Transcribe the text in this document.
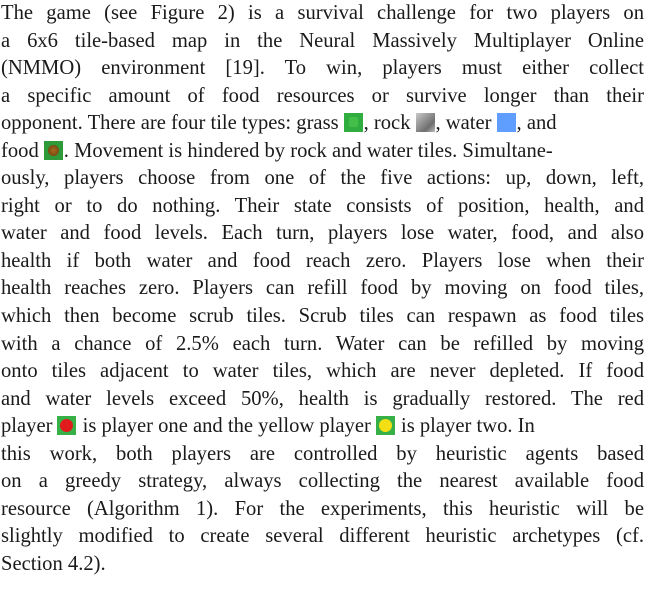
The game (see Figure 2) is a survival challenge for two players on
a 6x6 tile-based map in the Neural Massively Multiplayer Online
(NMMO) environment [19]. To win, players must either collect
a specific amount of food resources or survive longer than their
opponent. There are four tile types: grass , rock , water , and
food . Movement is hindered by rock and water tiles. Simultane-
ously, players choose from one of the five actions: up, down, left,
right or to do nothing. Their state consists of position, health, and
water and food levels. Each turn, players lose water, food, and also
health if both water and food reach zero. Players lose when their
health reaches zero. Players can refill food by moving on food tiles,
which then become scrub tiles. Scrub tiles can respawn as food tiles
with a chance of 2.5% each turn. Water can be refilled by moving
onto tiles adjacent to water tiles, which are never depleted. If food
and water levels exceed 50%, health is gradually restored. The red
player is player one and the yellow player is player two. In
this work, both players are controlled by heuristic agents based
on a greedy strategy, always collecting the nearest available food
resource (Algorithm 1). For the experiments, this heuristic will be
slightly modified to create several different heuristic archetypes (cf.
Section 4.2).
